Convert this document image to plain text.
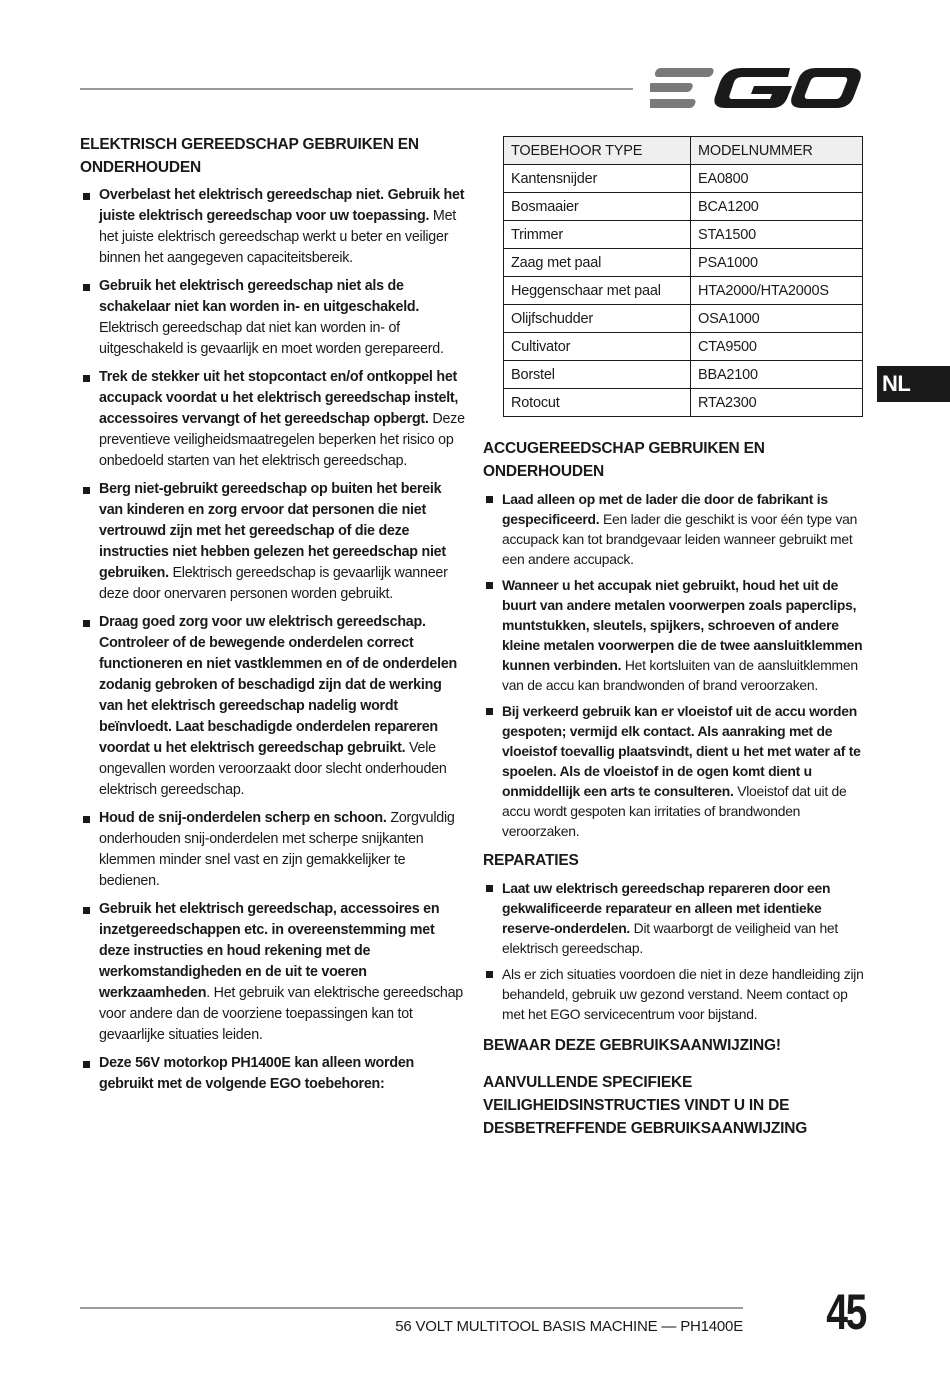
NL
ELEKTRISCH GEREEDSCHAP GEBRUIKEN EN ONDERHOUDEN
Overbelast het elektrisch gereedschap niet. Gebruik het juiste elektrisch gereedschap voor uw toepassing. Met het juiste elektrisch gereedschap werkt u beter en veiliger binnen het aangegeven capaciteitsbereik.
Gebruik het elektrisch gereedschap niet als de schakelaar niet kan worden in- en uitgeschakeld. Elektrisch gereedschap dat niet kan worden in- of uitgeschakeld is gevaarlijk en moet worden gerepareerd.
Trek de stekker uit het stopcontact en/of ontkoppel het accupack voordat u het elektrisch gereedschap instelt, accessoires vervangt of het gereedschap opbergt. Deze preventieve veiligheidsmaatregelen beperken het risico op onbedoeld starten van het elektrisch gereedschap.
Berg niet-gebruikt gereedschap op buiten het bereik van kinderen en zorg ervoor dat personen die niet vertrouwd zijn met het gereedschap of die deze instructies niet hebben gelezen het gereedschap niet gebruiken. Elektrisch gereedschap is gevaarlijk wanneer deze door onervaren personen worden gebruikt.
Draag goed zorg voor uw elektrisch gereedschap. Controleer of de bewegende onderdelen correct functioneren en niet vastklemmen en of de onderdelen zodanig gebroken of beschadigd zijn dat de werking van het elektrisch gereedschap nadelig wordt beïnvloedt. Laat beschadigde onderdelen repareren voordat u het elektrisch gereedschap gebruikt. Vele ongevallen worden veroorzaakt door slecht onderhouden elektrisch gereedschap.
Houd de snij-onderdelen scherp en schoon. Zorgvuldig onderhouden snij-onderdelen met scherpe snijkanten klemmen minder snel vast en zijn gemakkelijker te bedienen.
Gebruik het elektrisch gereedschap, accessoires en inzetgereedschappen etc. in overeenstemming met deze instructies en houd rekening met de werkomstandigheden en de uit te voeren werkzaamheden. Het gebruik van elektrische gereedschap voor andere dan de voorziene toepassingen kan tot gevaarlijke situaties leiden.
Deze 56V motorkop PH1400E kan alleen worden gebruikt met de volgende EGO toebehoren:
TOEBEHOOR TYPE	MODELNUMMER
Kantensnijder	EA0800
Bosmaaier	BCA1200
Trimmer	STA1500
Zaag met paal	PSA1000
Heggenschaar met paal	HTA2000/HTA2000S
Olijfschudder	OSA1000
Cultivator	CTA9500
Borstel	BBA2100
Rotocut	RTA2300
ACCUGEREEDSCHAP GEBRUIKEN EN ONDERHOUDEN
Laad alleen op met de lader die door de fabrikant is gespecificeerd. Een lader die geschikt is voor één type van accupack kan tot brandgevaar leiden wanneer gebruikt met een andere accupack.
Wanneer u het accupak niet gebruikt, houd het uit de buurt van andere metalen voorwerpen zoals paperclips, muntstukken, sleutels, spijkers, schroeven of andere kleine metalen voorwerpen die de twee aansluitklemmen kunnen verbinden. Het kortsluiten van de aansluitklemmen van de accu kan brandwonden of brand veroorzaken.
Bij verkeerd gebruik kan er vloeistof uit de accu worden gespoten; vermijd elk contact. Als aanraking met de vloeistof toevallig plaatsvindt, dient u het met water af te spoelen. Als de vloeistof in de ogen komt dient u onmiddellijk een arts te consulteren. Vloeistof dat uit de accu wordt gespoten kan irritaties of brandwonden veroorzaken.
REPARATIES
Laat uw elektrisch gereedschap repareren door een gekwalificeerde reparateur en alleen met identieke reserve-onderdelen. Dit waarborgt de veiligheid van het elektrisch gereedschap.
Als er zich situaties voordoen die niet in deze handleiding zijn behandeld, gebruik uw gezond verstand. Neem contact op met het EGO servicecentrum voor bijstand.
BEWAAR DEZE GEBRUIKSAANWIJZING!
AANVULLENDE SPECIFIEKE VEILIGHEIDSINSTRUCTIES VINDT U IN DE DESBETREFFENDE GEBRUIKSAANWIJZING
56 VOLT MULTITOOL BASIS MACHINE — PH1400E	45
